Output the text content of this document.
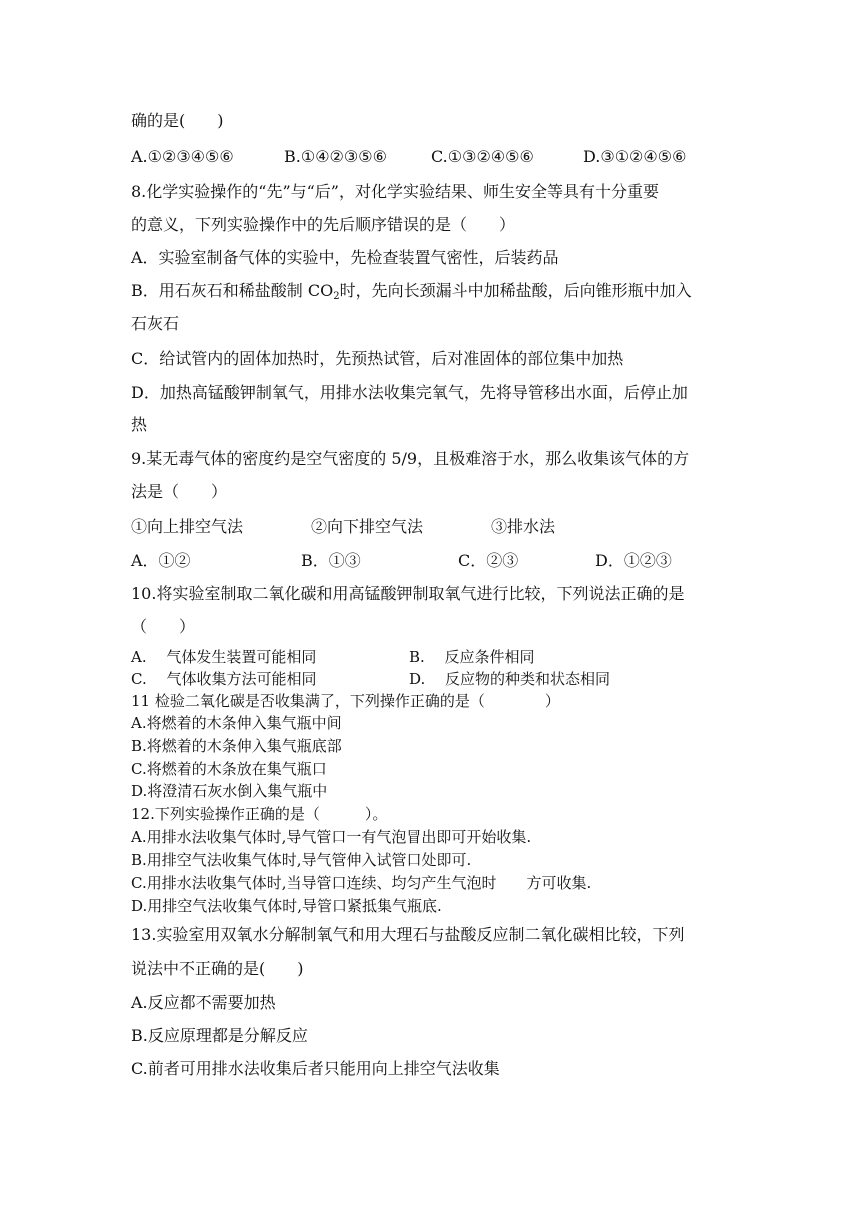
确的是(　　)
A.①②③④⑤⑥	B.①④②③⑤⑥	C.①③②④⑤⑥	D.③①②④⑤⑥
8.化学实验操作的“先”与“后”，对化学实验结果、师生安全等具有十分重要
的意义，下列实验操作中的先后顺序错误的是（　　）
A．实验室制备气体的实验中，先检查装置气密性，后装药品
B．用石灰石和稀盐酸制 $CO_2$时，先向长颈漏斗中加稀盐酸，后向锥形瓶中加入
石灰石
C．给试管内的固体加热时，先预热试管，后对准固体的部位集中加热
D．加热高锰酸钾制氧气，用排水法收集完氧气，先将导管移出水面，后停止加
热
9.某无毒气体的密度约是空气密度的 5/9，且极难溶于水，那么收集该气体的方
法是（　　）
①向上排空气法	②向下排空气法	③排水法
A．①②	B．①③	C．②③	D．①②③
10.将实验室制取二氧化碳和用高锰酸钾制取氧气进行比较，下列说法正确的是
（　　）
A.　 气体发生装置可能相同	B.　 反应条件相同
C.　 气体收集方法可能相同	D.　 反应物的种类和状态相同
11 检验二氧化碳是否收集满了，下列操作正确的是（　　　　）
A.将燃着的木条伸入集气瓶中间
B.将燃着的木条伸入集气瓶底部
C.将燃着的木条放在集气瓶口
D.将澄清石灰水倒入集气瓶中
12.下列实验操作正确的是（　　　）。
A.用排水法收集气体时,导气管口一有气泡冒出即可开始收集.
B.用排空气法收集气体时,导气管伸入试管口处即可.
C.用排水法收集气体时,当导管口连续、均匀产生气泡时　　方可收集.
D.用排空气法收集气体时,导管口紧抵集气瓶底.
13.实验室用双氧水分解制氧气和用大理石与盐酸反应制二氧化碳相比较，下列
说法中不正确的是(　　)
A.反应都不需要加热
B.反应原理都是分解反应
C.前者可用排水法收集后者只能用向上排空气法收集
